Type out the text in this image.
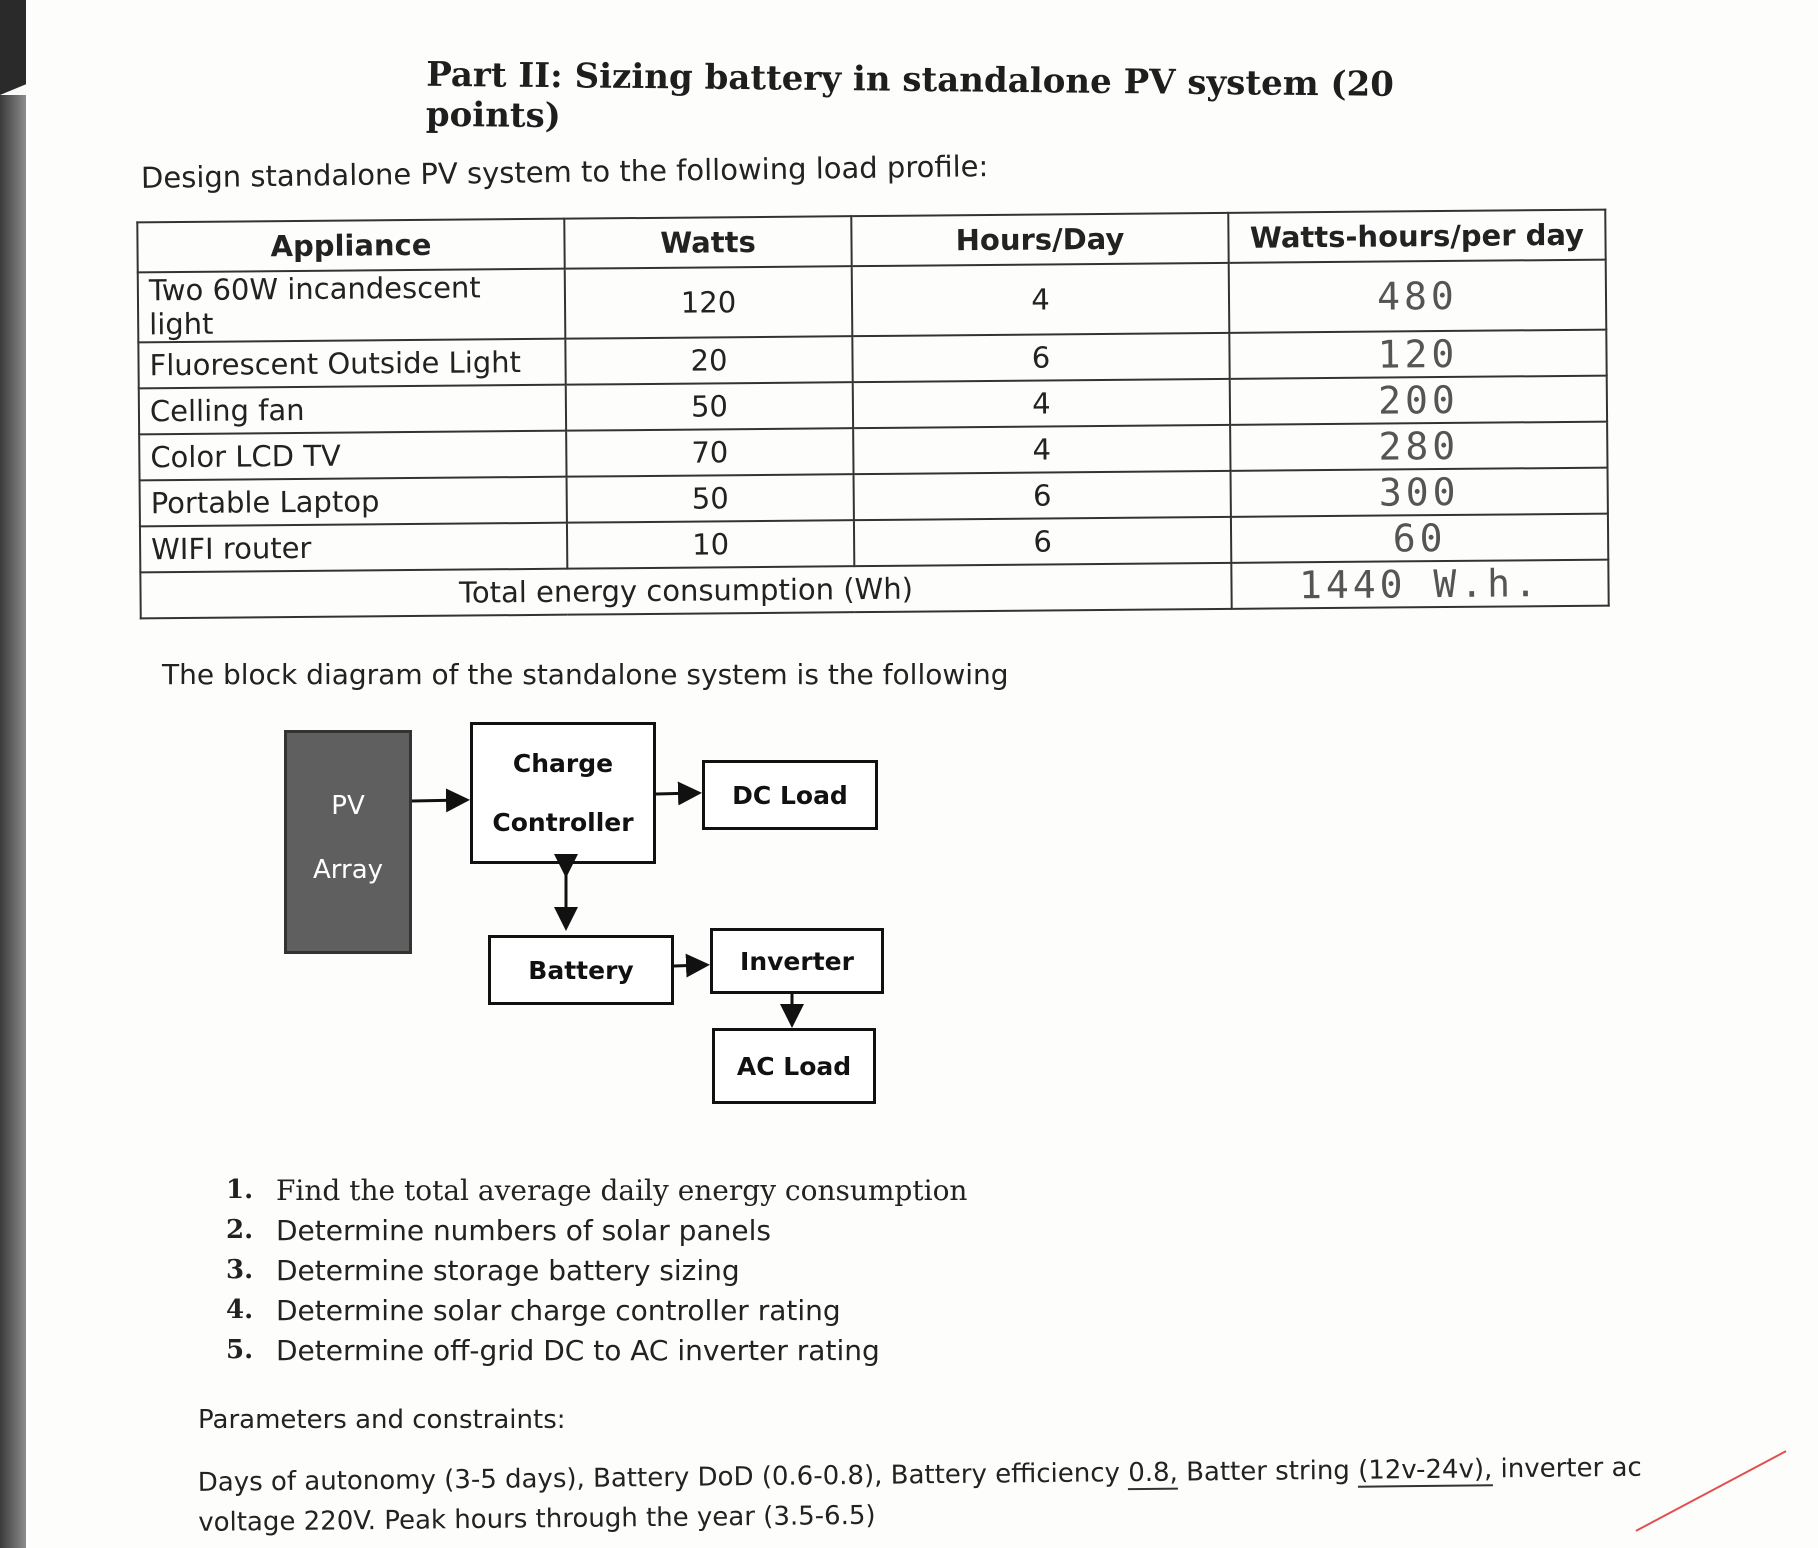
Part II: Sizing battery in standalone PV system (20 points)
Design standalone PV system to the following load profile:
Appliance	Watts	Hours/Day	Watts-hours/per day
Two 60W incandescent light	120	4	480
Fluorescent Outside Light	20	6	120
Celling fan	50	4	200
Color LCD TV	70	4	280
Portable Laptop	50	6	300
WIFI router	10	6	60
Total energy consumption (Wh)			1440 W.h.
The block diagram of the standalone system is the following
PV
Array
Charge
Controller
DC Load
Battery	Inverter
AC Load
1. Find the total average daily energy consumption
2. Determine numbers of solar panels
3. Determine storage battery sizing
4. Determine solar charge controller rating
5. Determine off-grid DC to AC inverter rating
Parameters and constraints:
Days of autonomy (3-5 days), Battery DoD (0.6-0.8), Battery efficiency 0.8, Batter string (12v-24v), inverter ac voltage 220V. Peak hours through the year (3.5-6.5)
